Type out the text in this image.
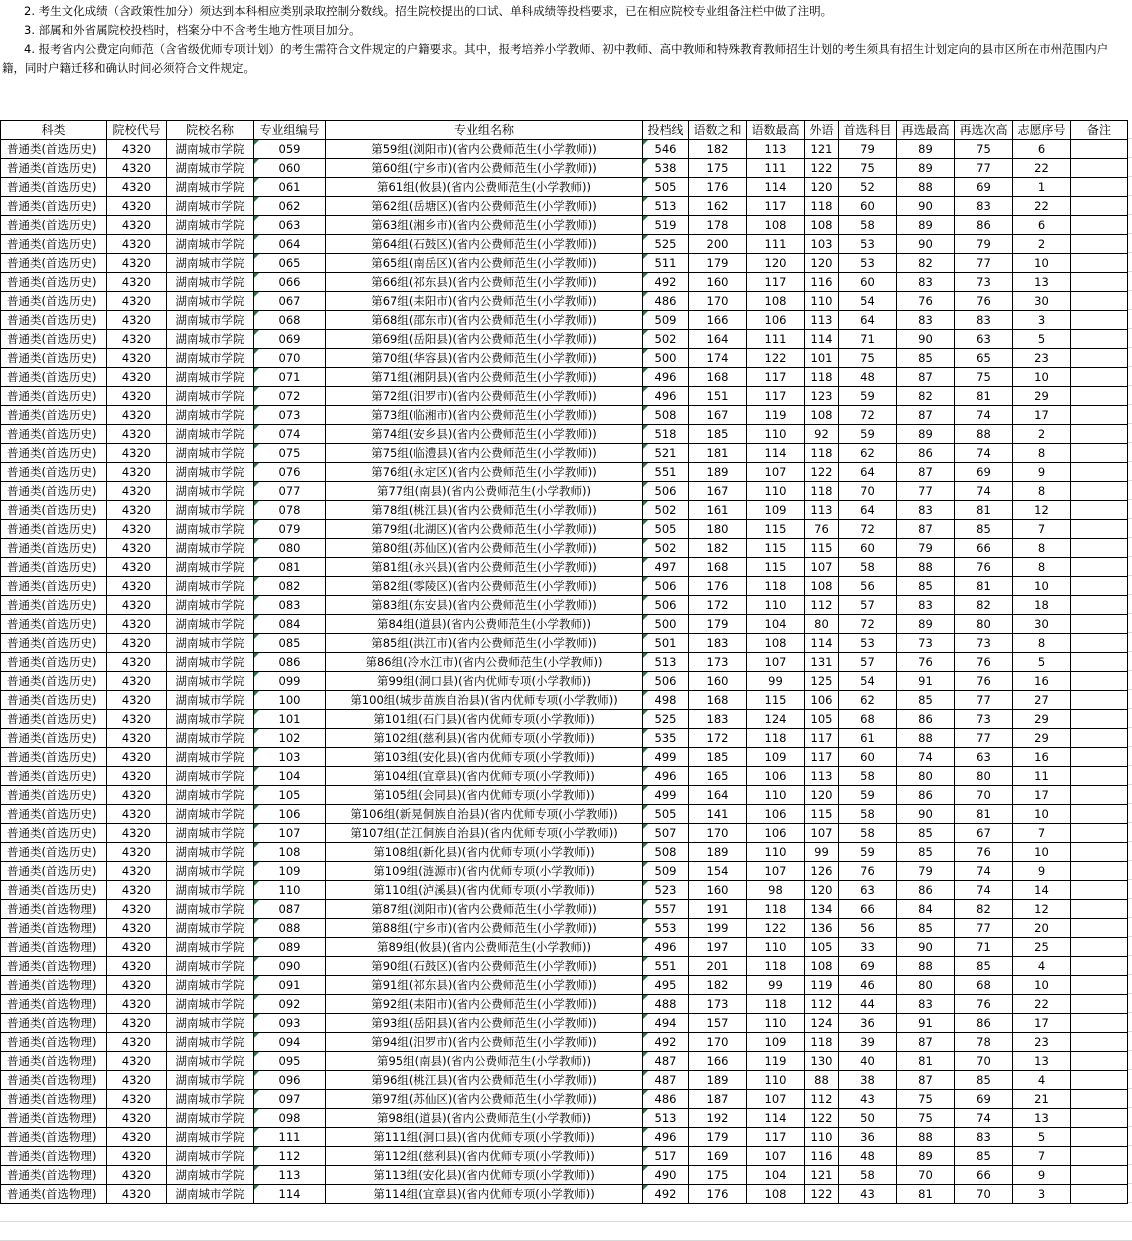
2. 考生文化成绩（含政策性加分）须达到本科相应类别录取控制分数线。招生院校提出的口试、单科成绩等投档要求，已在相应院校专业组备注栏中做了注明。
3. 部属和外省属院校投档时，档案分中不含考生地方性项目加分。
4. 报考省内公费定向师范（含省级优师专项计划）的考生需符合文件规定的户籍要求。其中，报考培养小学教师、初中教师、高中教师和特殊教育教师招生计划的考生须具有招生计划定向的县市区所在市州范围内户籍，同时户籍迁移和确认时间必须符合文件规定。
科类	院校代号	院校名称	专业组编号	专业组名称	投档线	语数之和	语数最高	外语	首选科目	再选最高	再选次高	志愿序号	备注
普通类(首选历史)	4320	湖南城市学院	059	第59组(浏阳市)(省内公费师范生(小学教师))	546	182	113	121	79	89	75	6	
普通类(首选历史)	4320	湖南城市学院	060	第60组(宁乡市)(省内公费师范生(小学教师))	538	175	111	122	75	89	77	22	
普通类(首选历史)	4320	湖南城市学院	061	第61组(攸县)(省内公费师范生(小学教师))	505	176	114	120	52	88	69	1	
普通类(首选历史)	4320	湖南城市学院	062	第62组(岳塘区)(省内公费师范生(小学教师))	513	162	117	118	60	90	83	22	
普通类(首选历史)	4320	湖南城市学院	063	第63组(湘乡市)(省内公费师范生(小学教师))	519	178	108	108	58	89	86	6	
普通类(首选历史)	4320	湖南城市学院	064	第64组(石鼓区)(省内公费师范生(小学教师))	525	200	111	103	53	90	79	2	
普通类(首选历史)	4320	湖南城市学院	065	第65组(南岳区)(省内公费师范生(小学教师))	511	179	120	120	53	82	77	10	
普通类(首选历史)	4320	湖南城市学院	066	第66组(祁东县)(省内公费师范生(小学教师))	492	160	117	116	60	83	73	13	
普通类(首选历史)	4320	湖南城市学院	067	第67组(耒阳市)(省内公费师范生(小学教师))	486	170	108	110	54	76	76	30	
普通类(首选历史)	4320	湖南城市学院	068	第68组(邵东市)(省内公费师范生(小学教师))	509	166	106	113	64	83	83	3	
普通类(首选历史)	4320	湖南城市学院	069	第69组(岳阳县)(省内公费师范生(小学教师))	502	164	111	114	71	90	63	5	
普通类(首选历史)	4320	湖南城市学院	070	第70组(华容县)(省内公费师范生(小学教师))	500	174	122	101	75	85	65	23	
普通类(首选历史)	4320	湖南城市学院	071	第71组(湘阴县)(省内公费师范生(小学教师))	496	168	117	118	48	87	75	10	
普通类(首选历史)	4320	湖南城市学院	072	第72组(汨罗市)(省内公费师范生(小学教师))	496	151	117	123	59	82	81	29	
普通类(首选历史)	4320	湖南城市学院	073	第73组(临湘市)(省内公费师范生(小学教师))	508	167	119	108	72	87	74	17	
普通类(首选历史)	4320	湖南城市学院	074	第74组(安乡县)(省内公费师范生(小学教师))	518	185	110	92	59	89	88	2	
普通类(首选历史)	4320	湖南城市学院	075	第75组(临澧县)(省内公费师范生(小学教师))	521	181	114	118	62	86	74	8	
普通类(首选历史)	4320	湖南城市学院	076	第76组(永定区)(省内公费师范生(小学教师))	551	189	107	122	64	87	69	9	
普通类(首选历史)	4320	湖南城市学院	077	第77组(南县)(省内公费师范生(小学教师))	506	167	110	118	70	77	74	8	
普通类(首选历史)	4320	湖南城市学院	078	第78组(桃江县)(省内公费师范生(小学教师))	502	161	109	113	64	83	81	12	
普通类(首选历史)	4320	湖南城市学院	079	第79组(北湖区)(省内公费师范生(小学教师))	505	180	115	76	72	87	85	7	
普通类(首选历史)	4320	湖南城市学院	080	第80组(苏仙区)(省内公费师范生(小学教师))	502	182	115	115	60	79	66	8	
普通类(首选历史)	4320	湖南城市学院	081	第81组(永兴县)(省内公费师范生(小学教师))	497	168	115	107	58	88	76	8	
普通类(首选历史)	4320	湖南城市学院	082	第82组(零陵区)(省内公费师范生(小学教师))	506	176	118	108	56	85	81	10	
普通类(首选历史)	4320	湖南城市学院	083	第83组(东安县)(省内公费师范生(小学教师))	506	172	110	112	57	83	82	18	
普通类(首选历史)	4320	湖南城市学院	084	第84组(道县)(省内公费师范生(小学教师))	500	179	104	80	72	89	80	30	
普通类(首选历史)	4320	湖南城市学院	085	第85组(洪江市)(省内公费师范生(小学教师))	501	183	108	114	53	73	73	8	
普通类(首选历史)	4320	湖南城市学院	086	第86组(冷水江市)(省内公费师范生(小学教师))	513	173	107	131	57	76	76	5	
普通类(首选历史)	4320	湖南城市学院	099	第99组(洞口县)(省内优师专项(小学教师))	506	160	99	125	54	91	76	16	
普通类(首选历史)	4320	湖南城市学院	100	第100组(城步苗族自治县)(省内优师专项(小学教师))	498	168	115	106	62	85	77	27	
普通类(首选历史)	4320	湖南城市学院	101	第101组(石门县)(省内优师专项(小学教师))	525	183	124	105	68	86	73	29	
普通类(首选历史)	4320	湖南城市学院	102	第102组(慈利县)(省内优师专项(小学教师))	535	172	118	117	61	88	77	29	
普通类(首选历史)	4320	湖南城市学院	103	第103组(安化县)(省内优师专项(小学教师))	499	185	109	117	60	74	63	16	
普通类(首选历史)	4320	湖南城市学院	104	第104组(宜章县)(省内优师专项(小学教师))	496	165	106	113	58	80	80	11	
普通类(首选历史)	4320	湖南城市学院	105	第105组(会同县)(省内优师专项(小学教师))	499	164	110	120	59	86	70	17	
普通类(首选历史)	4320	湖南城市学院	106	第106组(新晃侗族自治县)(省内优师专项(小学教师))	505	141	106	115	58	90	81	10	
普通类(首选历史)	4320	湖南城市学院	107	第107组(芷江侗族自治县)(省内优师专项(小学教师))	507	170	106	107	58	85	67	7	
普通类(首选历史)	4320	湖南城市学院	108	第108组(新化县)(省内优师专项(小学教师))	508	189	110	99	59	85	76	10	
普通类(首选历史)	4320	湖南城市学院	109	第109组(涟源市)(省内优师专项(小学教师))	509	154	107	126	76	79	74	9	
普通类(首选历史)	4320	湖南城市学院	110	第110组(泸溪县)(省内优师专项(小学教师))	523	160	98	120	63	86	74	14	
普通类(首选物理)	4320	湖南城市学院	087	第87组(浏阳市)(省内公费师范生(小学教师))	557	191	118	134	66	84	82	12	
普通类(首选物理)	4320	湖南城市学院	088	第88组(宁乡市)(省内公费师范生(小学教师))	553	199	122	136	56	85	77	20	
普通类(首选物理)	4320	湖南城市学院	089	第89组(攸县)(省内公费师范生(小学教师))	496	197	110	105	33	90	71	25	
普通类(首选物理)	4320	湖南城市学院	090	第90组(石鼓区)(省内公费师范生(小学教师))	551	201	118	108	69	88	85	4	
普通类(首选物理)	4320	湖南城市学院	091	第91组(祁东县)(省内公费师范生(小学教师))	495	182	99	119	46	80	68	10	
普通类(首选物理)	4320	湖南城市学院	092	第92组(耒阳市)(省内公费师范生(小学教师))	488	173	118	112	44	83	76	22	
普通类(首选物理)	4320	湖南城市学院	093	第93组(岳阳县)(省内公费师范生(小学教师))	494	157	110	124	36	91	86	17	
普通类(首选物理)	4320	湖南城市学院	094	第94组(汨罗市)(省内公费师范生(小学教师))	492	170	109	118	39	87	78	23	
普通类(首选物理)	4320	湖南城市学院	095	第95组(南县)(省内公费师范生(小学教师))	487	166	119	130	40	81	70	13	
普通类(首选物理)	4320	湖南城市学院	096	第96组(桃江县)(省内公费师范生(小学教师))	487	189	110	88	38	87	85	4	
普通类(首选物理)	4320	湖南城市学院	097	第97组(苏仙区)(省内公费师范生(小学教师))	486	187	107	112	43	75	69	21	
普通类(首选物理)	4320	湖南城市学院	098	第98组(道县)(省内公费师范生(小学教师))	513	192	114	122	50	75	74	13	
普通类(首选物理)	4320	湖南城市学院	111	第111组(洞口县)(省内优师专项(小学教师))	496	179	117	110	36	88	83	5	
普通类(首选物理)	4320	湖南城市学院	112	第112组(慈利县)(省内优师专项(小学教师))	517	169	107	116	48	89	85	7	
普通类(首选物理)	4320	湖南城市学院	113	第113组(安化县)(省内优师专项(小学教师))	490	175	104	121	58	70	66	9	
普通类(首选物理)	4320	湖南城市学院	114	第114组(宜章县)(省内优师专项(小学教师))	492	176	108	122	43	81	70	3	
